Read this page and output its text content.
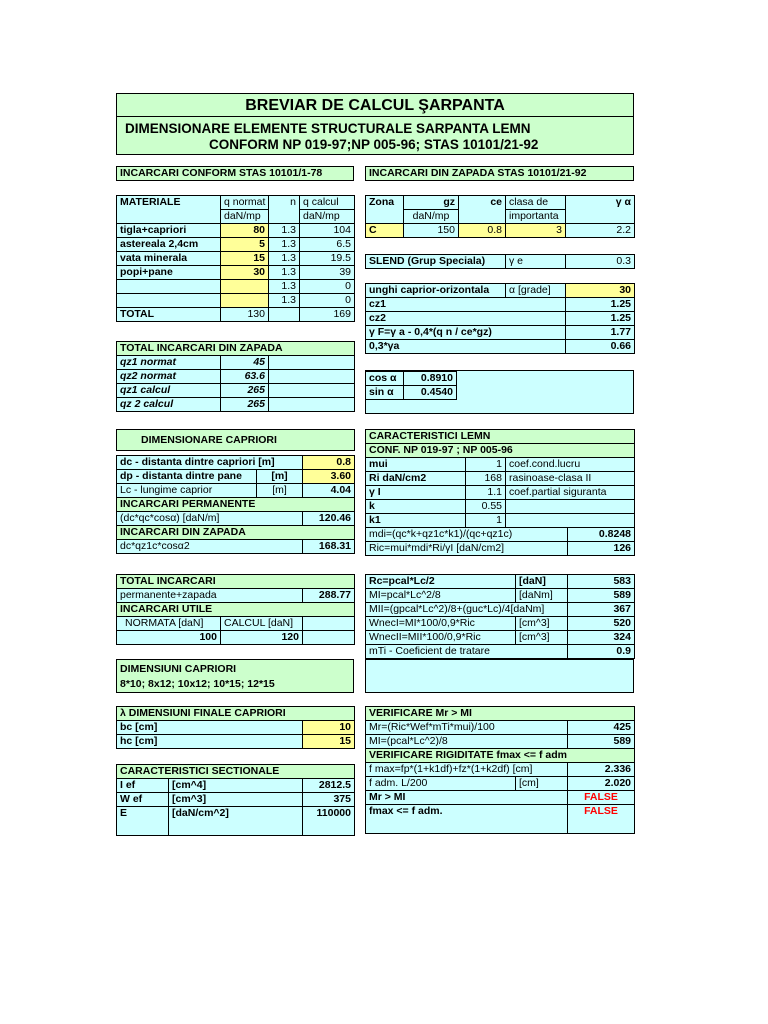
BREVIAR DE CALCUL ŞARPANTA
DIMENSIONARE ELEMENTE STRUCTURALE SARPANTA LEMN
CONFORM NP 019-97;NP 005-96; STAS 10101/21-92
INCARCARI CONFORM STAS 10101/1-78
MATERIALE	q normat	n	q calcul
	daN/mp		daN/mp
tigla+capriori	80	1.3	104
astereala 2,4cm	5	1.3	6.5
vata minerala	15	1.3	19.5
popi+pane	30	1.3	39
		1.3	0
		1.3	0
TOTAL	130		169
TOTAL INCARCARI DIN ZAPADA		
qz1 normat	45	
qz2 normat	63.6	
qz1 calcul	265	
qz 2 calcul	265	
INCARCARI DIN ZAPADA STAS 10101/21-92
Zona	gz	ce	clasa de	γ α
	daN/mp		importanta	
C	150	0.8	3	2.2
SLEND (Grup Speciala)	γ e	0.3
unghi caprior-orizontala	α [grade]	30
cz1		1.25
cz2		1.25
γ F=γ a - 0,4*(q n / ce*gz)		1.77
0,3*γa		0.66
cos α	0.8910
sin α	0.4540
DIMENSIONARE CAPRIORI		

dc - distanta dintre capriori [m]		0.8
dp - distanta dintre pane	[m]	3.60
Lc - lungime caprior	[m]	4.04
INCARCARI PERMANENTE		
(dc*qc*cosα) [daN/m]		120.46
INCARCARI DIN ZAPADA		
dc*qz1c*cosα2		168.31
CARACTERISTICI LEMN			
CONF. NP 019-97 ; NP 005-96			
mui	1	coef.cond.lucru	
Ri daN/cm2	168	rasinoase-clasa II	
γ I	1.1	coef.partial siguranta	
k	0.55		
k1	1		
mdi=(qc*k+qz1c*k1)/(qc+qz1c)			0.8248
Ric=mui*mdi*Ri/γI [daN/cm2]			126
TOTAL INCARCARI		
permanente+zapada		288.77
INCARCARI UTILE		
NORMATA [daN]	CALCUL [daN]	
100	120	
Rc=pcal*Lc/2	[daN]	583
MI=pcal*Lc^2/8	[daNm]	589
MII=(gpcal*Lc^2)/8+(guc*Lc)/4[daNm]		367
WnecI=MI*100/0,9*Ric	[cm^3]	520
WnecII=MII*100/0,9*Ric	[cm^3]	324
mTi - Coeficient de tratare		0.9
DIMENSIUNI CAPRIORI
8*10; 8x12; 10x12; 10*15; 12*15
λ DIMENSIUNI FINALE CAPRIORI	
bc [cm]	10
hc [cm]	15
CARACTERISTICI SECTIONALE		
I ef	[cm^4]	2812.5
W ef	[cm^3]	375
E	[daN/cm^2]	110000
VERIFICARE Mr > MI		
Mr=(Ric*Wef*mTi*mui)/100		425
MI=(pcal*Lc^2)/8		589
VERIFICARE RIGIDITATE fmax <= f adm		
f max=fp*(1+k1df)+fz*(1+k2df) [cm]		2.336
f adm. L/200	[cm]	2.020
Mr > MI		FALSE
fmax <= f adm.		FALSE
